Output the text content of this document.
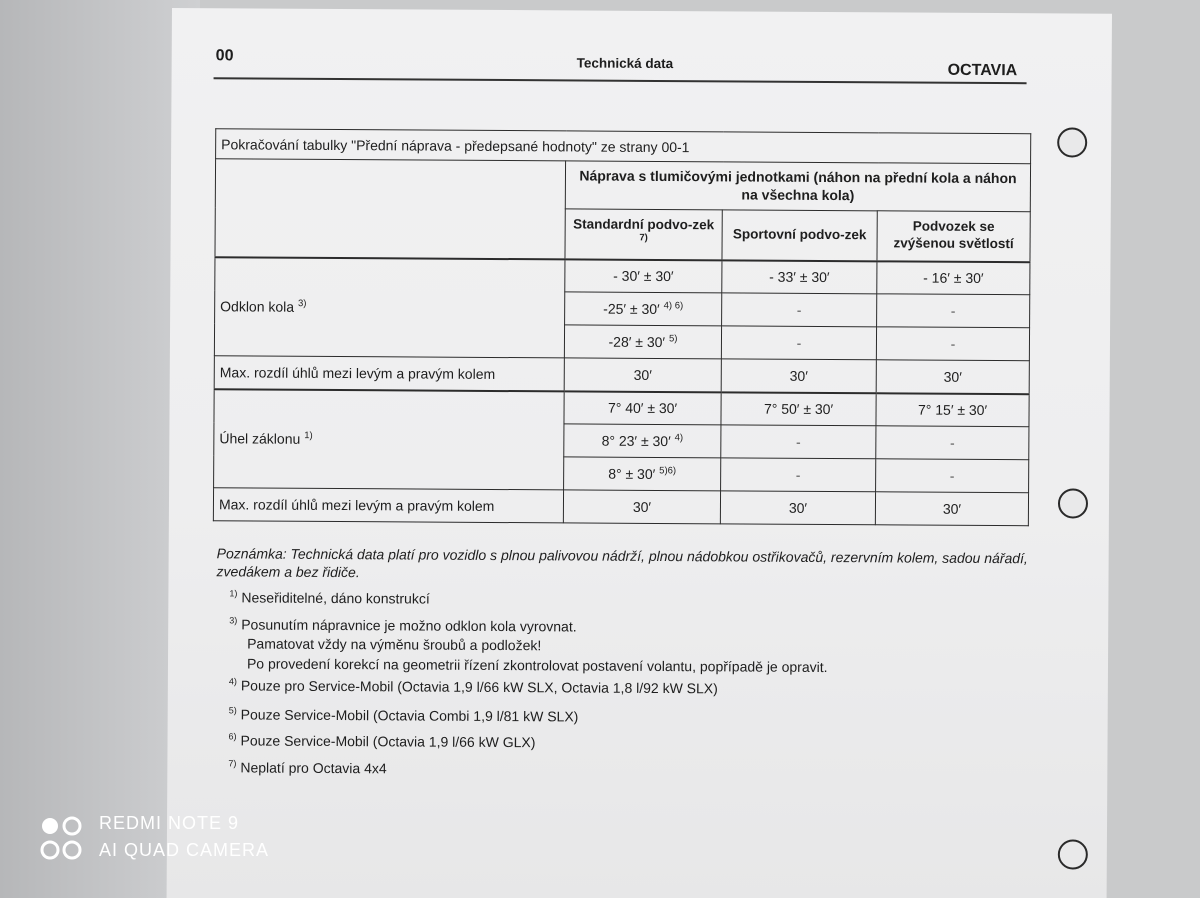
00	Technická data	OCTAVIA
Pokračování tabulky "Přední náprava - předepsané hodnoty" ze strany 00-1			
	Náprava s tlumičovými jednotkami (náhon na přední kola a náhon na všechna kola)		
	Standardní podvo-zek $^{7)}$	Sportovní podvo-zek	Podvozek se zvýšenou světlostí
Odklon kola $^{3)}$	- 30′ ± 30′	- 33′ ± 30′	- 16′ ± 30′
	-25′ ± 30′ $^{4) 6)}$	-	-
	-28′ ± 30′ $^{5)}$	-	-
Max. rozdíl úhlů mezi levým a pravým kolem	30′	30′	30′
Úhel záklonu $^{1)}$	7° 40′ ± 30′	7° 50′ ± 30′	7° 15′ ± 30′
	8° 23′ ± 30′ $^{4)}$	-	-
	8° ± 30′ $^{5)6)}$	-	-
Max. rozdíl úhlů mezi levým a pravým kolem	30′	30′	30′
Poznámka: Technická data platí pro vozidlo s plnou palivovou nádrží, plnou nádobkou ostřikovačů, rezervním kolem, sadou nářadí, zvedákem a bez řidiče.
$^{1)}$ Neseřiditelné, dáno konstrukcí
$^{3)}$ Posunutím nápravnice je možno odklon kola vyrovnat.
Pamatovat vždy na výměnu šroubů a podložek!
Po provedení korekcí na geometrii řízení zkontrolovat postavení volantu, popřípadě je opravit.
$^{4)}$ Pouze pro Service-Mobil (Octavia 1,9 l/66 kW SLX, Octavia 1,8 l/92 kW SLX)
$^{5)}$ Pouze Service-Mobil (Octavia Combi 1,9 l/81 kW SLX)
$^{6)}$ Pouze Service-Mobil (Octavia 1,9 l/66 kW GLX)
$^{7)}$ Neplatí pro Octavia 4x4
REDMI NOTE 9
AI QUAD CAMERA
